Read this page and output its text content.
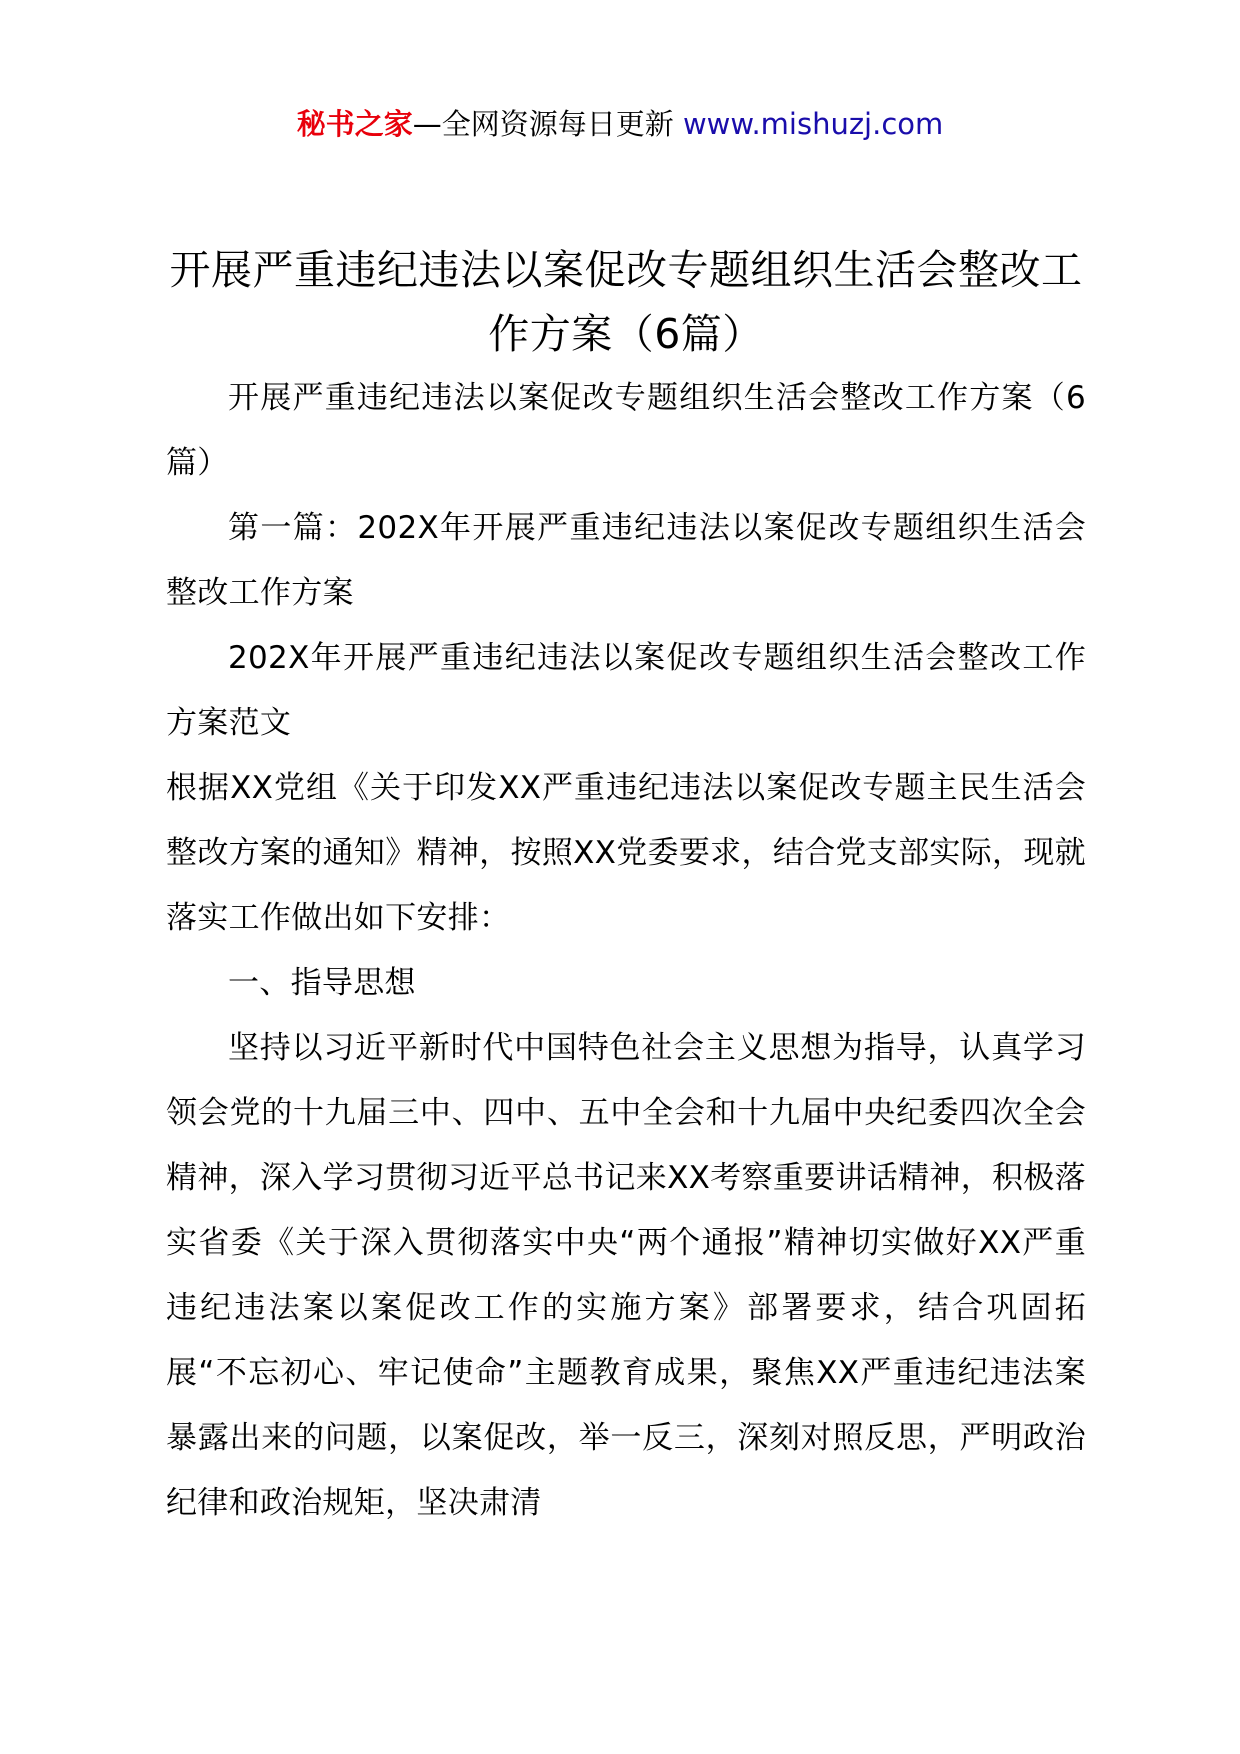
秘书之家—全网资源每日更新 www.mishuzj.com
开展严重违纪违法以案促改专题组织生活会整改工作方案（6篇）

开展严重违纪违法以案促改专题组织生活会整改工作方案（6篇）

第一篇：202X年开展严重违纪违法以案促改专题组织生活会整改工作方案

202X年开展严重违纪违法以案促改专题组织生活会整改工作方案范文

根据XX党组《关于印发XX严重违纪违法以案促改专题主民生活会整改方案的通知》精神，按照XX党委要求，结合党支部实际，现就落实工作做出如下安排：

一、指导思想

坚持以习近平新时代中国特色社会主义思想为指导，认真学习领会党的十九届三中、四中、五中全会和十九届中央纪委四次全会精神，深入学习贯彻习近平总书记来XX考察重要讲话精神，积极落实省委《关于深入贯彻落实中央“两个通报”精神切实做好XX严重违纪违法案以案促改工作的实施方案》部署要求，结合巩固拓展“不忘初心、牢记使命”主题教育成果，聚焦XX严重违纪违法案暴露出来的问题，以案促改，举一反三，深刻对照反思，严明政治纪律和政治规矩，坚决肃清
